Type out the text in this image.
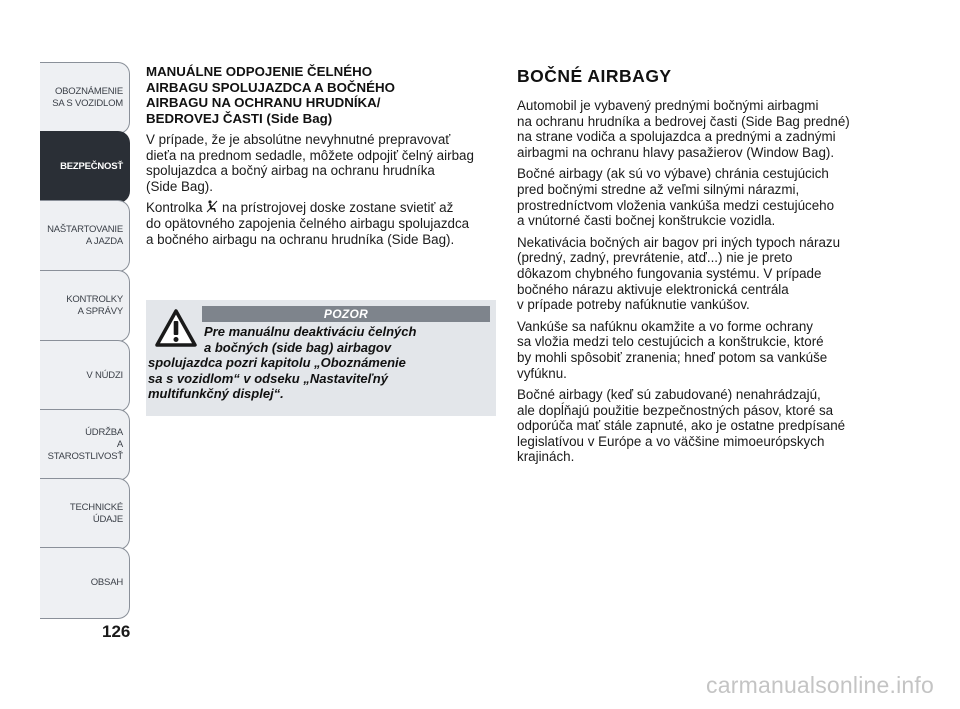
OBOZNÁMENIE
SA S VOZIDLOM
BEZPEČNOSŤ
NAŠTARTOVANIE
A JAZDA
KONTROLKY
A SPRÁVY
V NÚDZI
ÚDRŽBA
A STAROSTLIVOSŤ
TECHNICKÉ
ÚDAJE
OBSAH
126
MANUÁLNE ODPOJENIE ČELNÉHO
AIRBAGU SPOLUJAZDCA A BOČNÉHO
AIRBAGU NA OCHRANU HRUDNÍKA/
BEDROVEJ ČASTI (Side Bag)

V prípade, že je absolútne nevyhnutné prepravovať
dieťa na prednom sedadle, môžete odpojiť čelný airbag
spolujazdca a bočný airbag na ochranu hrudníka
(Side Bag).

Kontrolka  na prístrojovej doske zostane svietiť až
do opätovného zapojenia čelného airbagu spolujazdca
a bočného airbagu na ochranu hrudníka (Side Bag).

POZOR
Pre manuálnu deaktiváciu čelných
a bočných (side bag) airbagov
spolujazdca pozri kapitolu „Oboznámenie
sa s vozidlom“ v odseku „Nastaviteľný
multifunkčný displej“.
BOČNÉ AIRBAGY

Automobil je vybavený prednými bočnými airbagmi
na ochranu hrudníka a bedrovej časti (Side Bag predné)
na strane vodiča a spolujazdca a prednými a zadnými
airbagmi na ochranu hlavy pasažierov (Window Bag).

Bočné airbagy (ak sú vo výbave) chránia cestujúcich
pred bočnými stredne až veľmi silnými nárazmi,
prostredníctvom vloženia vankúša medzi cestujúceho
a vnútorné časti bočnej konštrukcie vozidla.

Nekativácia bočných air bagov pri iných typoch nárazu
(predný, zadný, prevrátenie, atď...) nie je preto
dôkazom chybného fungovania systému. V prípade
bočného nárazu aktivuje elektronická centrála
v prípade potreby nafúknutie vankúšov.

Vankúše sa nafúknu okamžite a vo forme ochrany
sa vložia medzi telo cestujúcich a konštrukcie, ktoré
by mohli spôsobiť zranenia; hneď potom sa vankúše
vyfúknu.

Bočné airbagy (keď sú zabudované) nenahrádzajú,
ale dopĺňajú použitie bezpečnostných pásov, ktoré sa
odporúča mať stále zapnuté, ako je ostatne predpísané
legislatívou v Európe a vo väčšine mimoeurópskych
krajinách.

carmanualsonline.info
